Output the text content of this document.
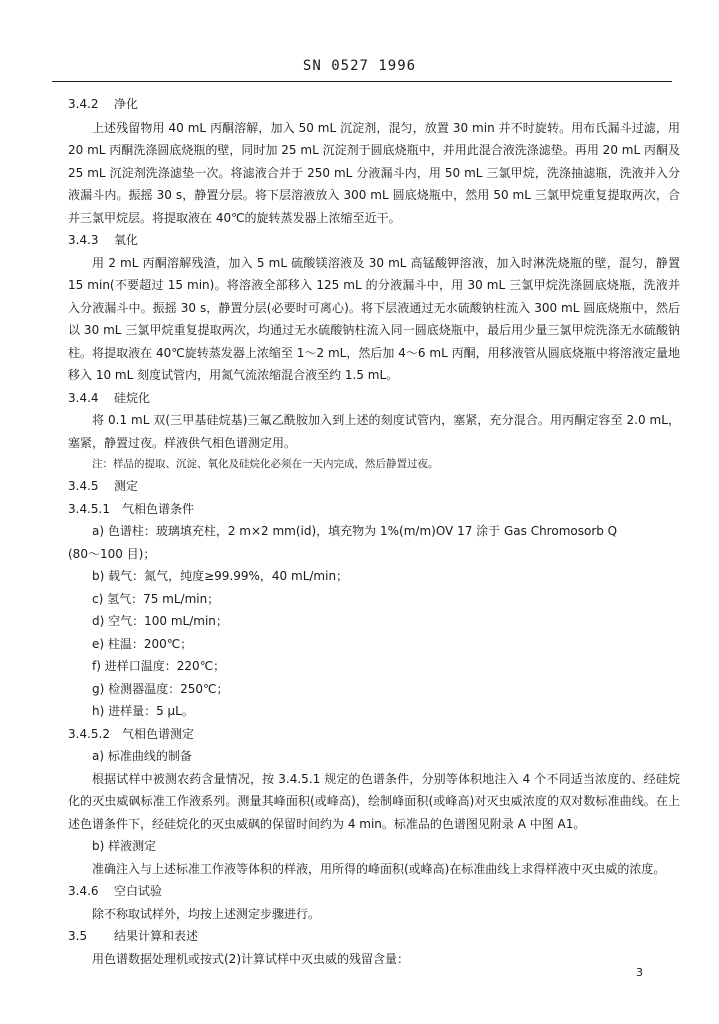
SN 0527 1996

3.4.2 净化

上述残留物用 40 mL 丙酮溶解，加入 50 mL 沉淀剂，混匀，放置 30 min 并不时旋转。用布氏漏斗过滤，用 20 mL 丙酮洗涤圆底烧瓶的壁，同时加 25 mL 沉淀剂于圆底烧瓶中，并用此混合液洗涤滤垫。再用 20 mL 丙酮及 25 mL 沉淀剂洗涤滤垫一次。将滤液合并于 250 mL 分液漏斗内，用 50 mL 三氯甲烷，洗涤抽滤瓶，洗液并入分液漏斗内。振摇 30 s，静置分层。将下层溶液放入 300 mL 圆底烧瓶中，然用 50 mL 三氯甲烷重复提取两次，合并三氯甲烷层。将提取液在 40℃的旋转蒸发器上浓缩至近干。

3.4.3 氧化

用 2 mL 丙酮溶解残渣，加入 5 mL 硫酸镁溶液及 30 mL 高锰酸钾溶液，加入时淋洗烧瓶的壁，混匀，静置 15 min(不要超过 15 min)。将溶液全部移入 125 mL 的分液漏斗中，用 30 mL 三氯甲烷洗涤圆底烧瓶，洗液并入分液漏斗中。振摇 30 s，静置分层(必要时可离心)。将下层液通过无水硫酸钠柱流入 300 mL 圆底烧瓶中，然后以 30 mL 三氯甲烷重复提取两次，均通过无水硫酸钠柱流入同一圆底烧瓶中，最后用少量三氯甲烷洗涤无水硫酸钠柱。将提取液在 40℃旋转蒸发器上浓缩至 1～2 mL，然后加 4～6 mL 丙酮，用移液管从圆底烧瓶中将溶液定量地移入 10 mL 刻度试管内，用氮气流浓缩混合液至约 1.5 mL。

3.4.4 硅烷化

将 0.1 mL 双(三甲基硅烷基)三氟乙酰胺加入到上述的刻度试管内，塞紧，充分混合。用丙酮定容至 2.0 mL，塞紧，静置过夜。样液供气相色谱测定用。

注：样品的提取、沉淀、氧化及硅烷化必须在一天内完成，然后静置过夜。

3.4.5 测定

3.4.5.1 气相色谱条件

a) 色谱柱：玻璃填充柱，2 m×2 mm(id)，填充物为 1%(m/m)OV 17 涂于 Gas Chromosorb Q

(80～100 目)；

b) 载气：氮气，纯度≥99.99%，40 mL/min；

c) 氢气：75 mL/min；

d) 空气：100 mL/min；

e) 柱温：200℃；

f) 进样口温度：220℃；

g) 检测器温度：250℃；

h) 进样量：5 μL。

3.4.5.2 气相色谱测定

a) 标准曲线的制备

根据试样中被测农药含量情况，按 3.4.5.1 规定的色谱条件，分别等体积地注入 4 个不同适当浓度的、经硅烷化的灭虫威砜标准工作液系列。测量其峰面积(或峰高)，绘制峰面积(或峰高)对灭虫威浓度的双对数标准曲线。在上述色谱条件下，经硅烷化的灭虫威砜的保留时间约为 4 min。标准品的色谱图见附录 A 中图 A1。

b) 样液测定

准确注入与上述标准工作液等体积的样液，用所得的峰面积(或峰高)在标准曲线上求得样液中灭虫威的浓度。

3.4.6 空白试验

除不称取试样外，均按上述测定步骤进行。

3.5 结果计算和表述

用色谱数据处理机或按式(2)计算试样中灭虫威的残留含量：

3
